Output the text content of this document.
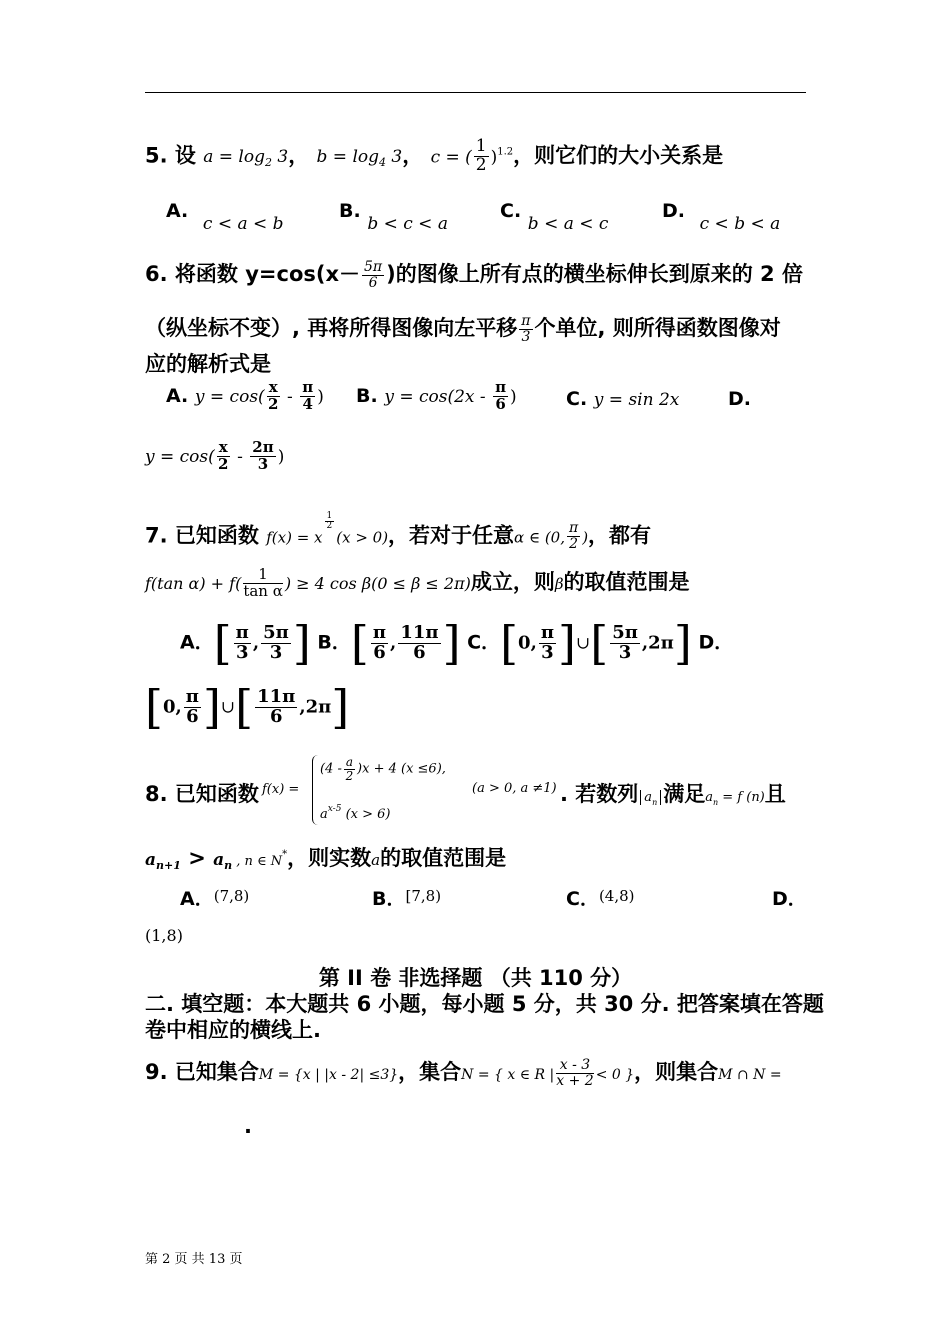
5. 设 $a = \log_2 3$， $b = \log_4 3$， c = ( $\frac{1}{2} )^{1.2}$，则它们的大小关系是
A. c < a < b
B. b < c < a
C. b < a < c
D. c < b < a
6. 将函数 $y=\cos(x- \frac{5\pi}{6}$ )的图像上所有点的横坐标伸长到原来的 2 倍
（纵坐标不变）, 再将所得图像向左平移 $\frac{\pi}{3}$ 个单位, 则所得函数图像对
应的解析式是
A. $y = \cos( \frac{x}{2} - \frac{\pi}{4}$ ) B. $y = \cos(2x - \frac{\pi}{6}$ )	C. y = sin 2x	D.
$y = \cos( \frac{x}{2} - \frac{2\pi}{3}$ )
7. 已知函数 f(x) = x
$\frac{1}{2}$
(x > 0)，若对于任意α ∈ (0, $\frac{\pi}{2}$ )，都有
f(tan $\alpha) + f( \frac{1}{\text{tan α}}$ ) ≥ 4 cos β(0 ≤ β ≤ 2π)成立，则β的取值范围是
A．[ $\frac{\pi}{3}$ , $\frac{5\pi}{3}$ ] B．[ $\frac{\pi}{6}$ , $\frac{11\pi}{6}$ ] C．[0, $\frac{\pi}{3}$ ]∪[ $\frac{5\pi}{3} ,2\pi$] D．
[0, $\frac{\pi}{6}$ ]∪[ $\frac{11\pi}{6} ,2\pi$]
8. 已知函数 f(x) =
$(4 - \frac{a}{2} )x + 4$ (x ≤6),
$a^{x-5}$ (x > 6)
(a > 0, a ≠1) . 若数列 $a_n$ 满足$a_n = f$ (n)且
$a_{n+1} > a_n$ , n ∈ N*，则实数a的取值范围是
A．$^{(7,8)}$	B．$^{[7,8)}$	C．$^{(4,8)}$	D．
(1,8)
第 II 卷 非选择题 （共 110 分）
二. 填空题：本大题共 6 小题，每小题 5 分，共 30 分. 把答案填在答题
卷中相应的横线上.
9. 已知集合M = {x | |x - 2| ≤3}，集合N = { x ∈ R | $\frac{x - 3}{x + 2} < 0$ }，则集合M ∩ N =
.
第 2 页 共 13 页
